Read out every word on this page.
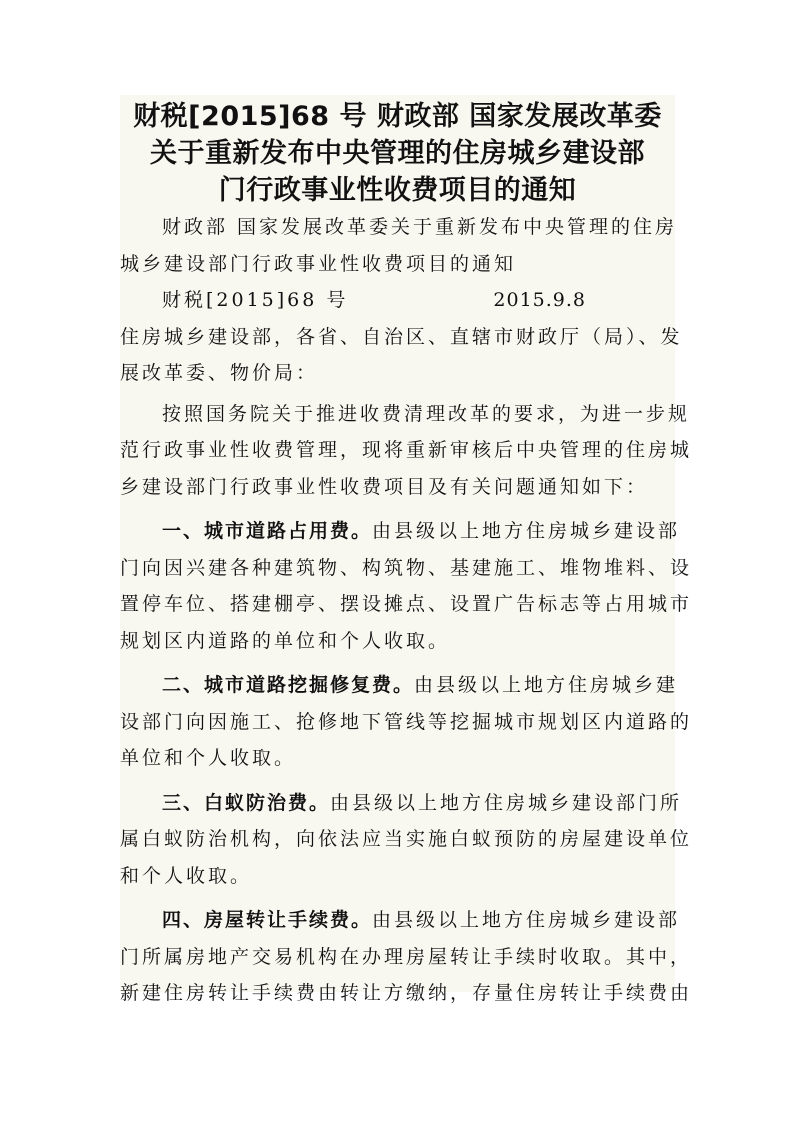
财税[2015]68 号 财政部 国家发展改革委
关于重新发布中央管理的住房城乡建设部
门行政事业性收费项目的通知

财政部 国家发展改革委关于重新发布中央管理的住房
城乡建设部门行政事业性收费项目的通知

财税[2015]68 号	2015.9.8

住房城乡建设部，各省、自治区、直辖市财政厅（局）、发
展改革委、物价局：

按照国务院关于推进收费清理改革的要求，为进一步规
范行政事业性收费管理，现将重新审核后中央管理的住房城
乡建设部门行政事业性收费项目及有关问题通知如下：

一、城市道路占用费。由县级以上地方住房城乡建设部
门向因兴建各种建筑物、构筑物、基建施工、堆物堆料、设
置停车位、搭建棚亭、摆设摊点、设置广告标志等占用城市
规划区内道路的单位和个人收取。

二、城市道路挖掘修复费。由县级以上地方住房城乡建
设部门向因施工、抢修地下管线等挖掘城市规划区内道路的
单位和个人收取。

三、白蚁防治费。由县级以上地方住房城乡建设部门所
属白蚁防治机构，向依法应当实施白蚁预防的房屋建设单位
和个人收取。

四、房屋转让手续费。由县级以上地方住房城乡建设部
门所属房地产交易机构在办理房屋转让手续时收取。其中，
新建住房转让手续费由转让方缴纳，存量住房转让手续费由
